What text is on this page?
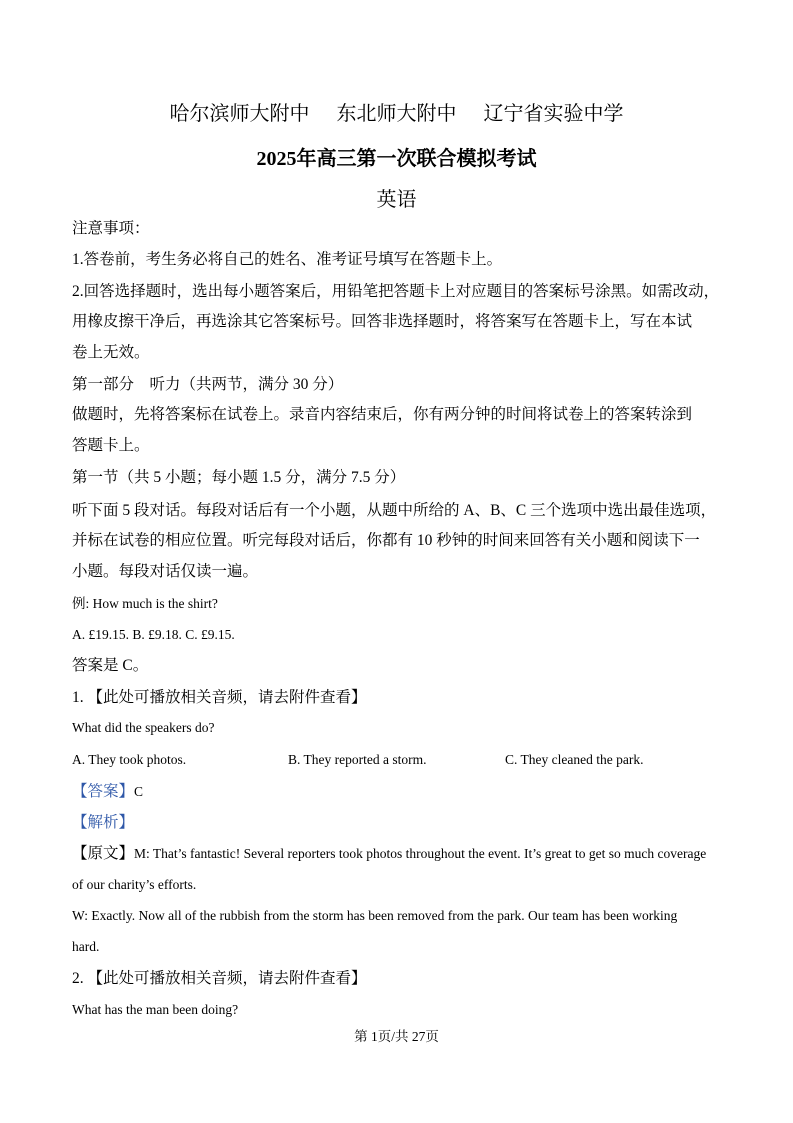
哈尔滨师大附中 东北师大附中 辽宁省实验中学
2025年高三第一次联合模拟考试
英语
注意事项：
1.答卷前，考生务必将自己的姓名、准考证号填写在答题卡上。
2.回答选择题时，选出每小题答案后，用铅笔把答题卡上对应题目的答案标号涂黑。如需改动，
用橡皮擦干净后，再选涂其它答案标号。回答非选择题时，将答案写在答题卡上，写在本试
卷上无效。
第一部分　听力（共两节，满分 30 分）
做题时，先将答案标在试卷上。录音内容结束后，你有两分钟的时间将试卷上的答案转涂到
答题卡上。
第一节（共 5 小题；每小题 1.5 分，满分 7.5 分）
听下面 5 段对话。每段对话后有一个小题，从题中所给的 A、B、C 三个选项中选出最佳选项，
并标在试卷的相应位置。听完每段对话后，你都有 10 秒钟的时间来回答有关小题和阅读下一
小题。每段对话仅读一遍。
例: How much is the shirt?
A. £19.15. B. £9.18. C. £9.15.
答案是 C。
1. 【此处可播放相关音频，请去附件查看】
What did the speakers do?
A. They took photos.	B. They reported a storm.	C. They cleaned the park.
【答案】C
【解析】
【原文】M: That’s fantastic! Several reporters took photos throughout the event. It’s great to get so much coverage
of our charity’s efforts.
W: Exactly. Now all of the rubbish from the storm has been removed from the park. Our team has been working
hard.
2. 【此处可播放相关音频，请去附件查看】
What has the man been doing?
第 1页/共 27页
